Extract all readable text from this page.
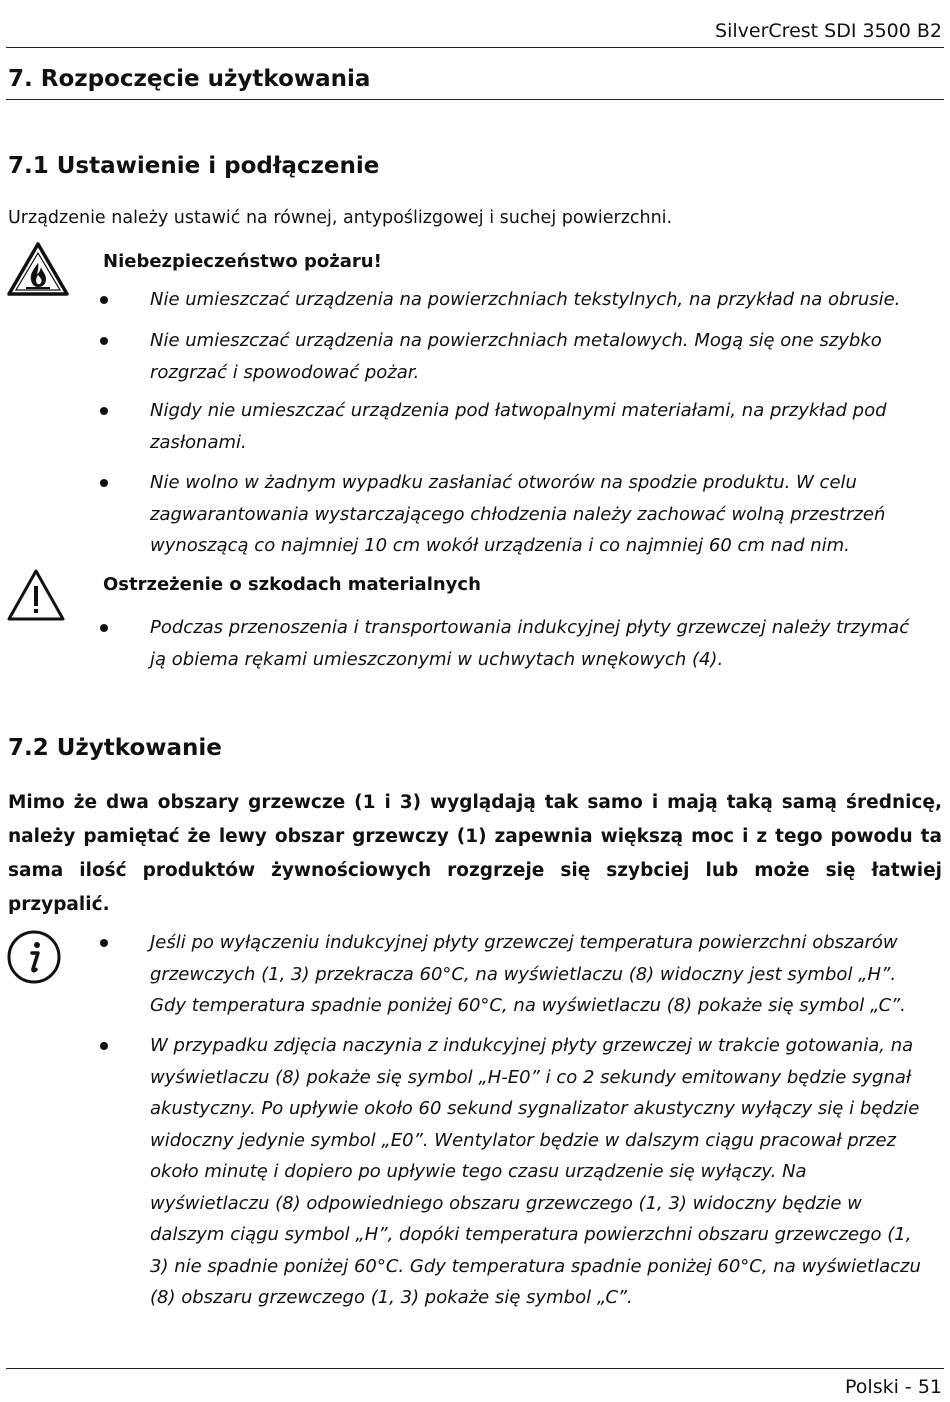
SilverCrest SDI 3500 B2
7. Rozpoczęcie użytkowania
7.1 Ustawienie i podłączenie
Urządzenie należy ustawić na równej, antypoślizgowej i suchej powierzchni.
Niebezpieczeństwo pożaru!
Nie umieszczać urządzenia na powierzchniach tekstylnych, na przykład na obrusie.
Nie umieszczać urządzenia na powierzchniach metalowych. Mogą się one szybko rozgrzać i spowodować pożar.
Nigdy nie umieszczać urządzenia pod łatwopalnymi materiałami, na przykład pod zasłonami.
Nie wolno w żadnym wypadku zasłaniać otworów na spodzie produktu. W celu zagwarantowania wystarczającego chłodzenia należy zachować wolną przestrzeń wynoszącą co najmniej 10 cm wokół urządzenia i co najmniej 60 cm nad nim.
Ostrzeżenie o szkodach materialnych
Podczas przenoszenia i transportowania indukcyjnej płyty grzewczej należy trzymać ją obiema rękami umieszczonymi w uchwytach wnękowych (4).
7.2 Użytkowanie
Mimo że dwa obszary grzewcze (1 i 3) wyglądają tak samo i mają taką samą średnicę, należy pamiętać że lewy obszar grzewczy (1) zapewnia większą moc i z tego powodu ta sama ilość produktów żywnościowych rozgrzeje się szybciej lub może się łatwiej przypalić.
Jeśli po wyłączeniu indukcyjnej płyty grzewczej temperatura powierzchni obszarów grzewczych (1, 3) przekracza 60°C, na wyświetlaczu (8) widoczny jest symbol „H”. Gdy temperatura spadnie poniżej 60°C, na wyświetlaczu (8) pokaże się symbol „C”.
W przypadku zdjęcia naczynia z indukcyjnej płyty grzewczej w trakcie gotowania, na wyświetlaczu (8) pokaże się symbol „H-E0” i co 2 sekundy emitowany będzie sygnał akustyczny. Po upływie około 60 sekund sygnalizator akustyczny wyłączy się i będzie widoczny jedynie symbol „E0”. Wentylator będzie w dalszym ciągu pracował przez około minutę i dopiero po upływie tego czasu urządzenie się wyłączy. Na wyświetlaczu (8) odpowiedniego obszaru grzewczego (1, 3) widoczny będzie w dalszym ciągu symbol „H”, dopóki temperatura powierzchni obszaru grzewczego (1, 3) nie spadnie poniżej 60°C. Gdy temperatura spadnie poniżej 60°C, na wyświetlaczu (8) obszaru grzewczego (1, 3) pokaże się symbol „C”.
Polski - 51
